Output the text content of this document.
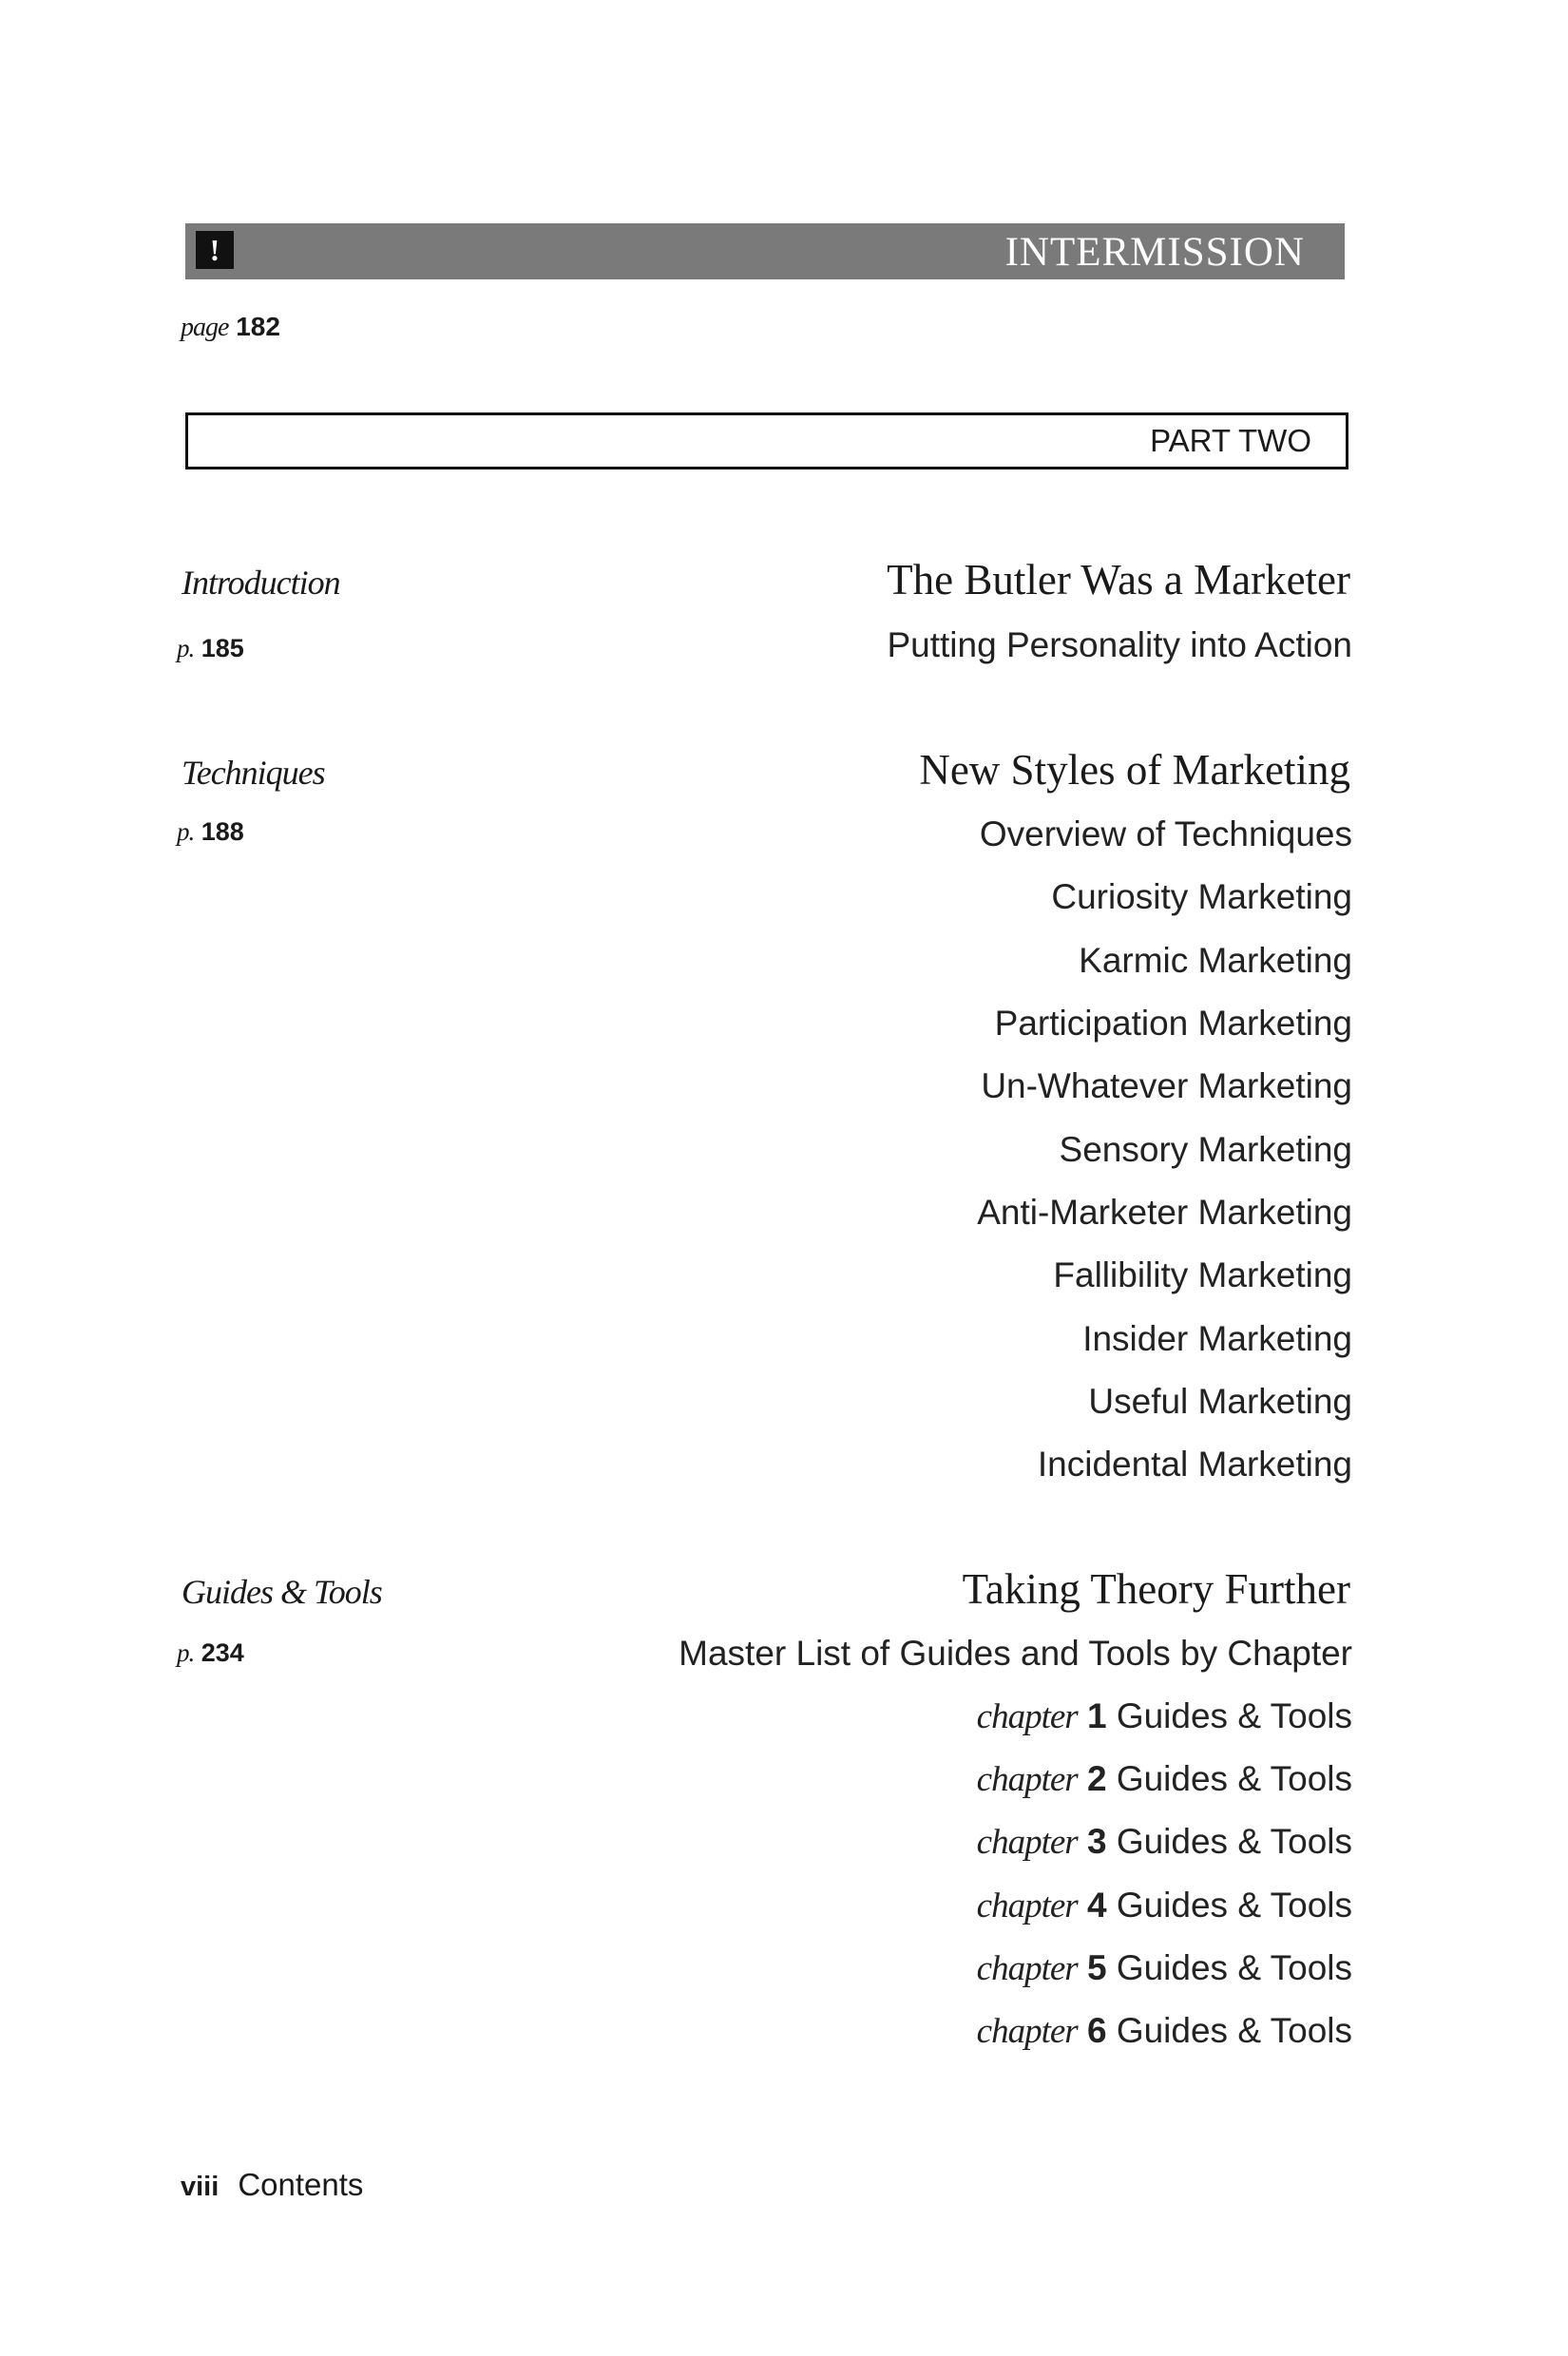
!	INTERMISSION
page 182
PART TWO
Introduction
p. 185
The Butler Was a Marketer
Putting Personality into Action
Techniques
p. 188
New Styles of Marketing
Overview of Techniques
Curiosity Marketing
Karmic Marketing
Participation Marketing
Un-Whatever Marketing
Sensory Marketing
Anti-Marketer Marketing
Fallibility Marketing
Insider Marketing
Useful Marketing
Incidental Marketing
Guides & Tools
p. 234
Taking Theory Further
Master List of Guides and Tools by Chapter
chapter 1 Guides & Tools
chapter 2 Guides & Tools
chapter 3 Guides & Tools
chapter 4 Guides & Tools
chapter 5 Guides & Tools
chapter 6 Guides & Tools
viii Contents
